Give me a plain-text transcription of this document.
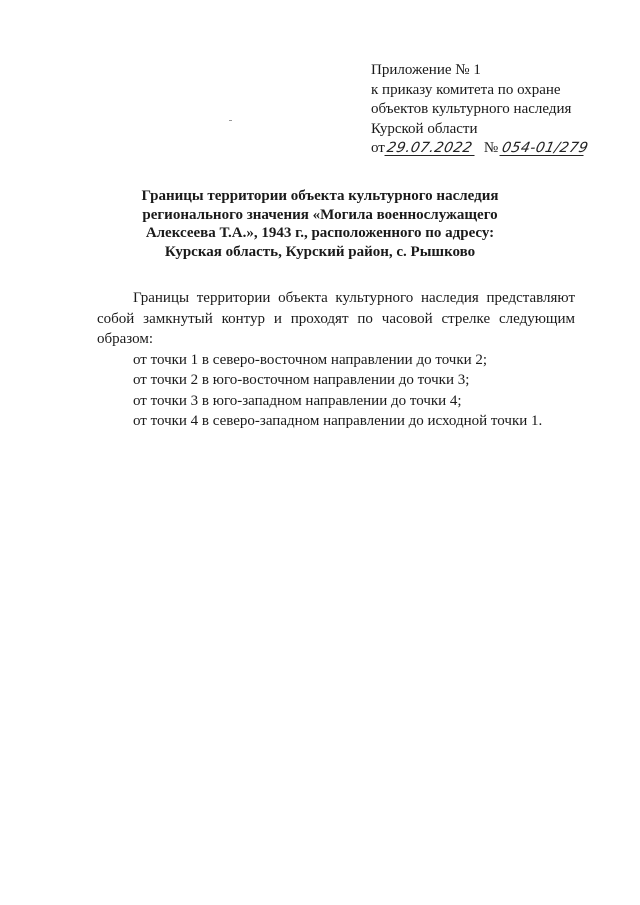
Приложение № 1
к приказу комитета по охране
объектов культурного наследия
Курской области
от 29.07.2022 № 054-01/279
Границы территории объекта культурного наследия
регионального значения «Могила военнослужащего
Алексеева Т.А.», 1943 г., расположенного по адресу:
Курская область, Курский район, с. Рышково

Границы территории объекта культурного наследия представляют собой замкнутый контур и проходят по часовой стрелке следующим образом:

от точки 1 в северо-восточном направлении до точки 2;

от точки 2 в юго-восточном направлении до точки 3;

от точки 3 в юго-западном направлении до точки 4;

от точки 4 в северо-западном направлении до исходной точки 1.
